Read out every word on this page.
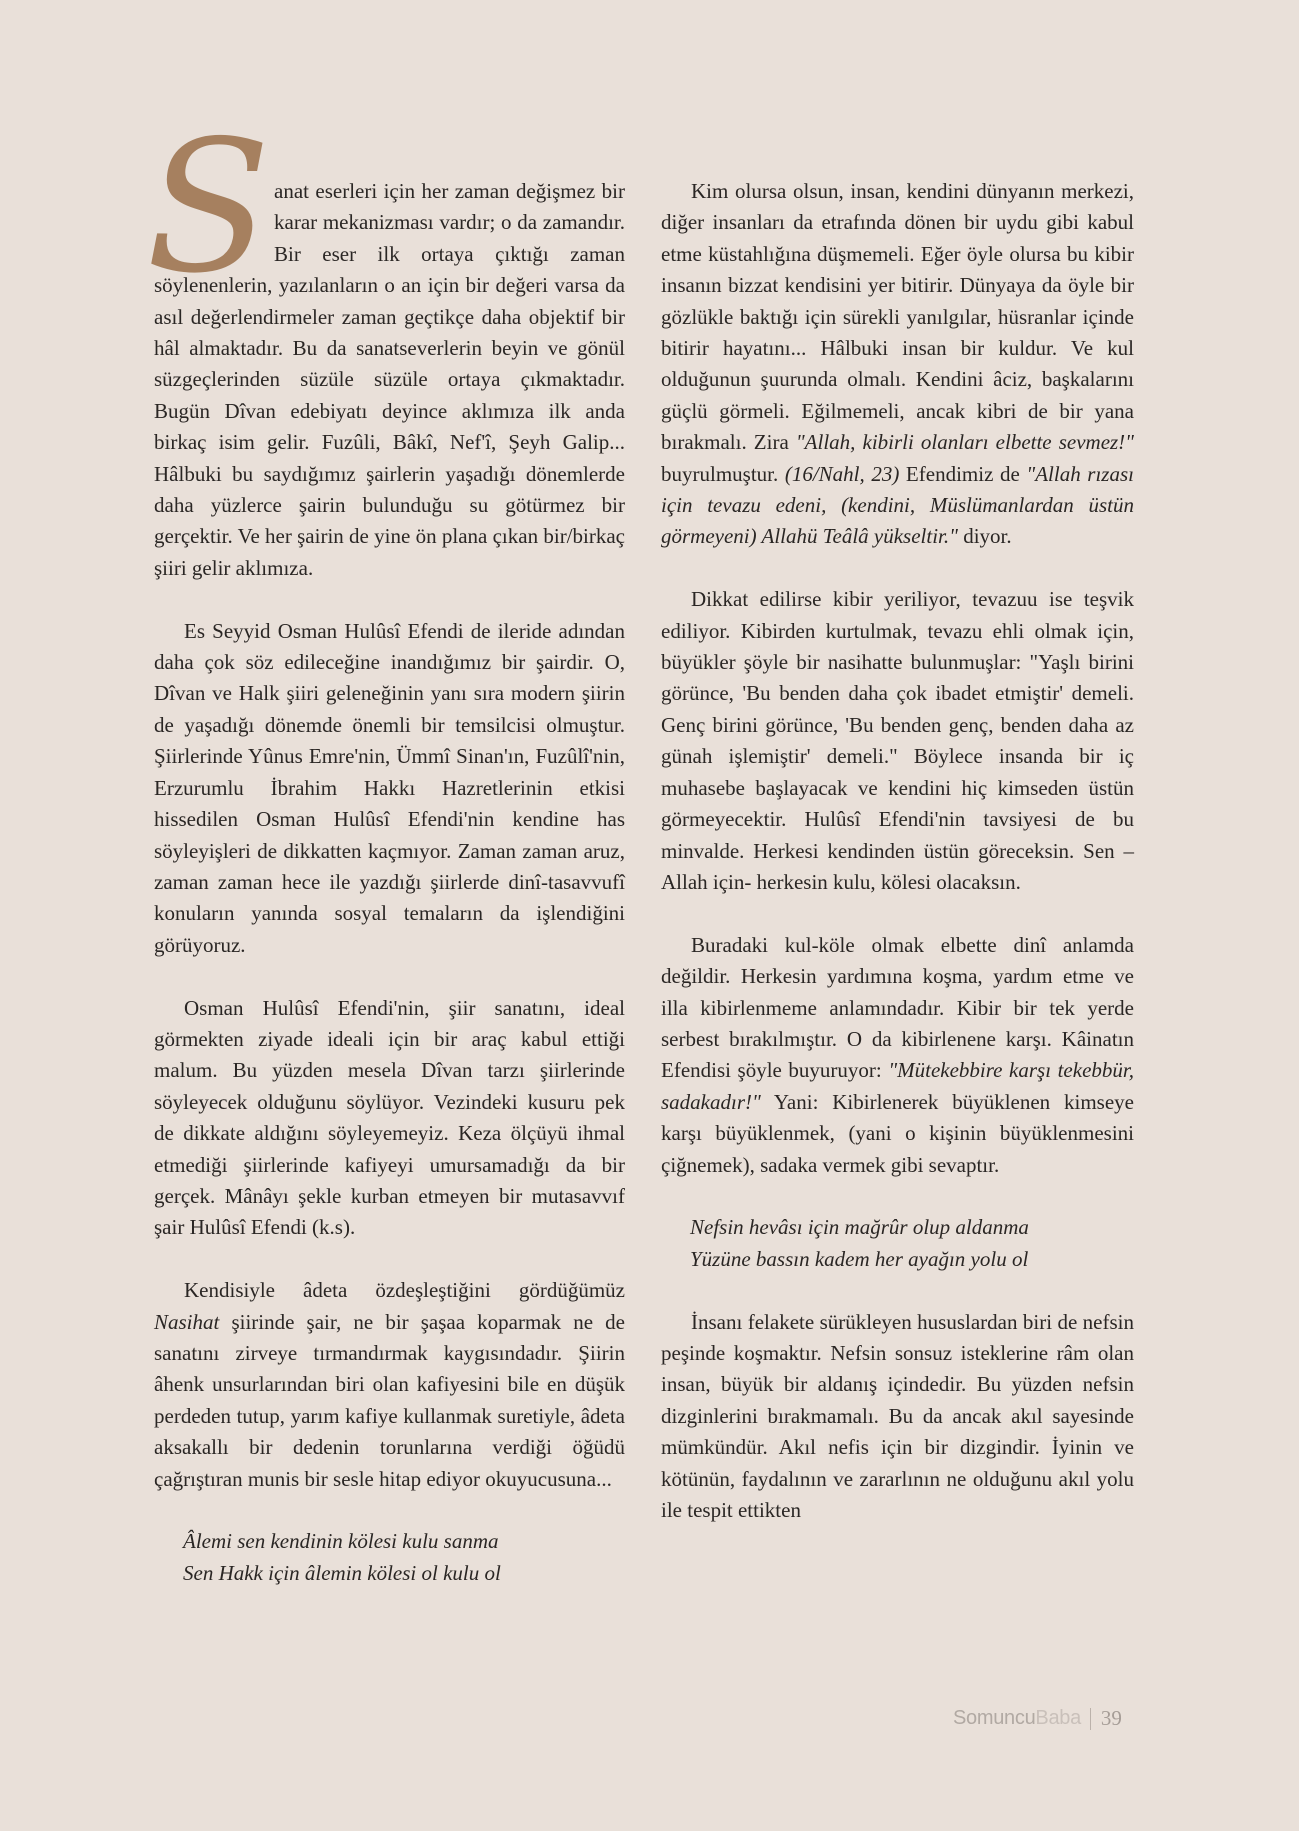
Sanat eserleri için her zaman değişmez bir karar mekanizması vardır; o da zamandır. Bir eser ilk ortaya çıktığı zaman söylenenlerin, yazılanların o an için bir değeri varsa da asıl değerlendirmeler zaman geçtikçe daha objektif bir hâl almaktadır. Bu da sanatseverlerin beyin ve gönül süzgeçlerinden süzüle süzüle ortaya çıkmaktadır. Bugün Dîvan edebiyatı deyince aklımıza ilk anda birkaç isim gelir. Fuzûli, Bâkî, Nef'î, Şeyh Galip... Hâlbuki bu saydığımız şairlerin yaşadığı dönemlerde daha yüzlerce şairin bulunduğu su götürmez bir gerçektir. Ve her şairin de yine ön plana çıkan bir/birkaç şiiri gelir aklımıza.

Es Seyyid Osman Hulûsî Efendi de ileride adından daha çok söz edileceğine inandığımız bir şairdir. O, Dîvan ve Halk şiiri geleneğinin yanı sıra modern şiirin de yaşadığı dönemde önemli bir temsilcisi olmuştur. Şiirlerinde Yûnus Emre'nin, Ümmî Sinan'ın, Fuzûlî'nin, Erzurumlu İbrahim Hakkı Hazretlerinin etkisi hissedilen Osman Hulûsî Efendi'nin kendine has söyleyişleri de dikkatten kaçmıyor. Zaman zaman aruz, zaman zaman hece ile yazdığı şiirlerde dinî-tasavvufî konuların yanında sosyal temaların da işlendiğini görüyoruz.

Osman Hulûsî Efendi'nin, şiir sanatını, ideal görmekten ziyade ideali için bir araç kabul ettiği malum. Bu yüzden mesela Dîvan tarzı şiirlerinde söyleyecek olduğunu söylüyor. Vezindeki kusuru pek de dikkate aldığını söyleyemeyiz. Keza ölçüyü ihmal etmediği şiirlerinde kafiyeyi umursamadığı da bir gerçek. Mânâyı şekle kurban etmeyen bir mutasavvıf şair Hulûsî Efendi (k.s).

Kendisiyle âdeta özdeşleştiğini gördüğümüz Nasihat şiirinde şair, ne bir şaşaa koparmak ne de sanatını zirveye tırmandırmak kaygısındadır. Şiirin âhenk unsurlarından biri olan kafiyesini bile en düşük perdeden tutup, yarım kafiye kullanmak suretiyle, âdeta aksakallı bir dedenin torunlarına verdiği öğüdü çağrıştıran munis bir sesle hitap ediyor okuyucusuna...

Âlemi sen kendinin kölesi kulu sanma
Sen Hakk için âlemin kölesi ol kulu ol

Kim olursa olsun, insan, kendini dünyanın merkezi, diğer insanları da etrafında dönen bir uydu gibi kabul etme küstahlığına düşmemeli. Eğer öyle olursa bu kibir insanın bizzat kendisini yer bitirir. Dünyaya da öyle bir gözlükle baktığı için sürekli yanılgılar, hüsranlar içinde bitirir hayatını... Hâlbuki insan bir kuldur. Ve kul olduğunun şuurunda olmalı. Kendini âciz, başkalarını güçlü görmeli. Eğilmemeli, ancak kibri de bir yana bırakmalı. Zira "Allah, kibirli olanları elbette sevmez!" buyrulmuştur. (16/Nahl, 23) Efendimiz de "Allah rızası için tevazu edeni, (kendini, Müslümanlardan üstün görmeyeni) Allahü Teâlâ yükseltir." diyor.

Dikkat edilirse kibir yeriliyor, tevazuu ise teşvik ediliyor. Kibirden kurtulmak, tevazu ehli olmak için, büyükler şöyle bir nasihatte bulunmuşlar: "Yaşlı birini görünce, 'Bu benden daha çok ibadet etmiştir' demeli. Genç birini görünce, 'Bu benden genç, benden daha az günah işlemiştir' demeli." Böylece insanda bir iç muhasebe başlayacak ve kendini hiç kimseden üstün görmeyecektir. Hulûsî Efendi'nin tavsiyesi de bu minvalde. Herkesi kendinden üstün göreceksin. Sen –Allah için- herkesin kulu, kölesi olacaksın.

Buradaki kul-köle olmak elbette dinî anlamda değildir. Herkesin yardımına koşma, yardım etme ve illa kibirlenmeme anlamındadır. Kibir bir tek yerde serbest bırakılmıştır. O da kibirlenene karşı. Kâinatın Efendisi şöyle buyuruyor: "Mütekebbire karşı tekebbür, sadakadır!" Yani: Kibirlenerek büyüklenen kimseye karşı büyüklenmek, (yani o kişinin büyüklenmesini çiğnemek), sadaka vermek gibi sevaptır.

Nefsin hevâsı için mağrûr olup aldanma
Yüzüne bassın kadem her ayağın yolu ol

İnsanı felakete sürükleyen hususlardan biri de nefsin peşinde koşmaktır. Nefsin sonsuz isteklerine râm olan insan, büyük bir aldanış içindedir. Bu yüzden nefsin dizginlerini bırakmamalı. Bu da ancak akıl sayesinde mümkündür. Akıl nefis için bir dizgindir. İyinin ve kötünün, faydalının ve zararlının ne olduğunu akıl yolu ile tespit ettikten

Somuncu Baba 39
